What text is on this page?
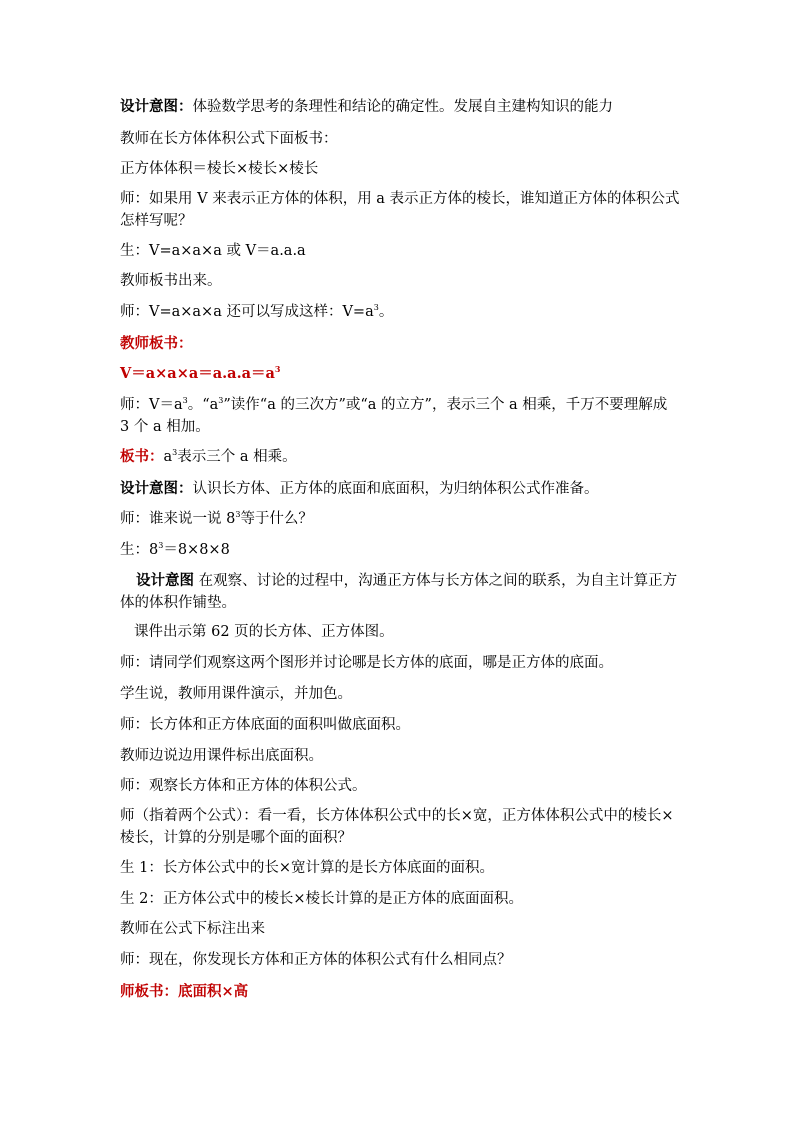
设计意图：体验数学思考的条理性和结论的确定性。发展自主建构知识的能力
教师在长方体体积公式下面板书：
正方体体积＝棱长×棱长×棱长
师：如果用 V 来表示正方体的体积，用 a 表示正方体的棱长，谁知道正方体的体积公式怎样写呢？
生：V=a×a×a 或 V＝a.a.a
教师板书出来。
师：V=a×a×a 还可以写成这样：$V=a^3$。
教师板书：
$V=a\times a\times a=a.a.a=a^3$
师：$V=a^3$。“$a^3$”读作“a 的三次方”或“a 的立方”，表示三个 a 相乘，千万不要理解成 3 个 a 相加。
板书：$a^3$表示三个 a 相乘。
设计意图：认识长方体、正方体的底面和底面积，为归纳体积公式作准备。
师：谁来说一说 $8^3$等于什么？
生：$8^3=8\times 8\times 8$
设计意图 在观察、讨论的过程中，沟通正方体与长方体之间的联系，为自主计算正方体的体积作铺垫。
课件出示第 62 页的长方体、正方体图。
师：请同学们观察这两个图形并讨论哪是长方体的底面，哪是正方体的底面。
学生说，教师用课件演示，并加色。
师：长方体和正方体底面的面积叫做底面积。
教师边说边用课件标出底面积。
师：观察长方体和正方体的体积公式。
师（指着两个公式）：看一看，长方体体积公式中的长×宽，正方体体积公式中的棱长×棱长，计算的分别是哪个面的面积？
生 1：长方体公式中的长×宽计算的是长方体底面的面积。
生 2：正方体公式中的棱长×棱长计算的是正方体的底面面积。
教师在公式下标注出来
师：现在，你发现长方体和正方体的体积公式有什么相同点？
师板书：底面积×高
